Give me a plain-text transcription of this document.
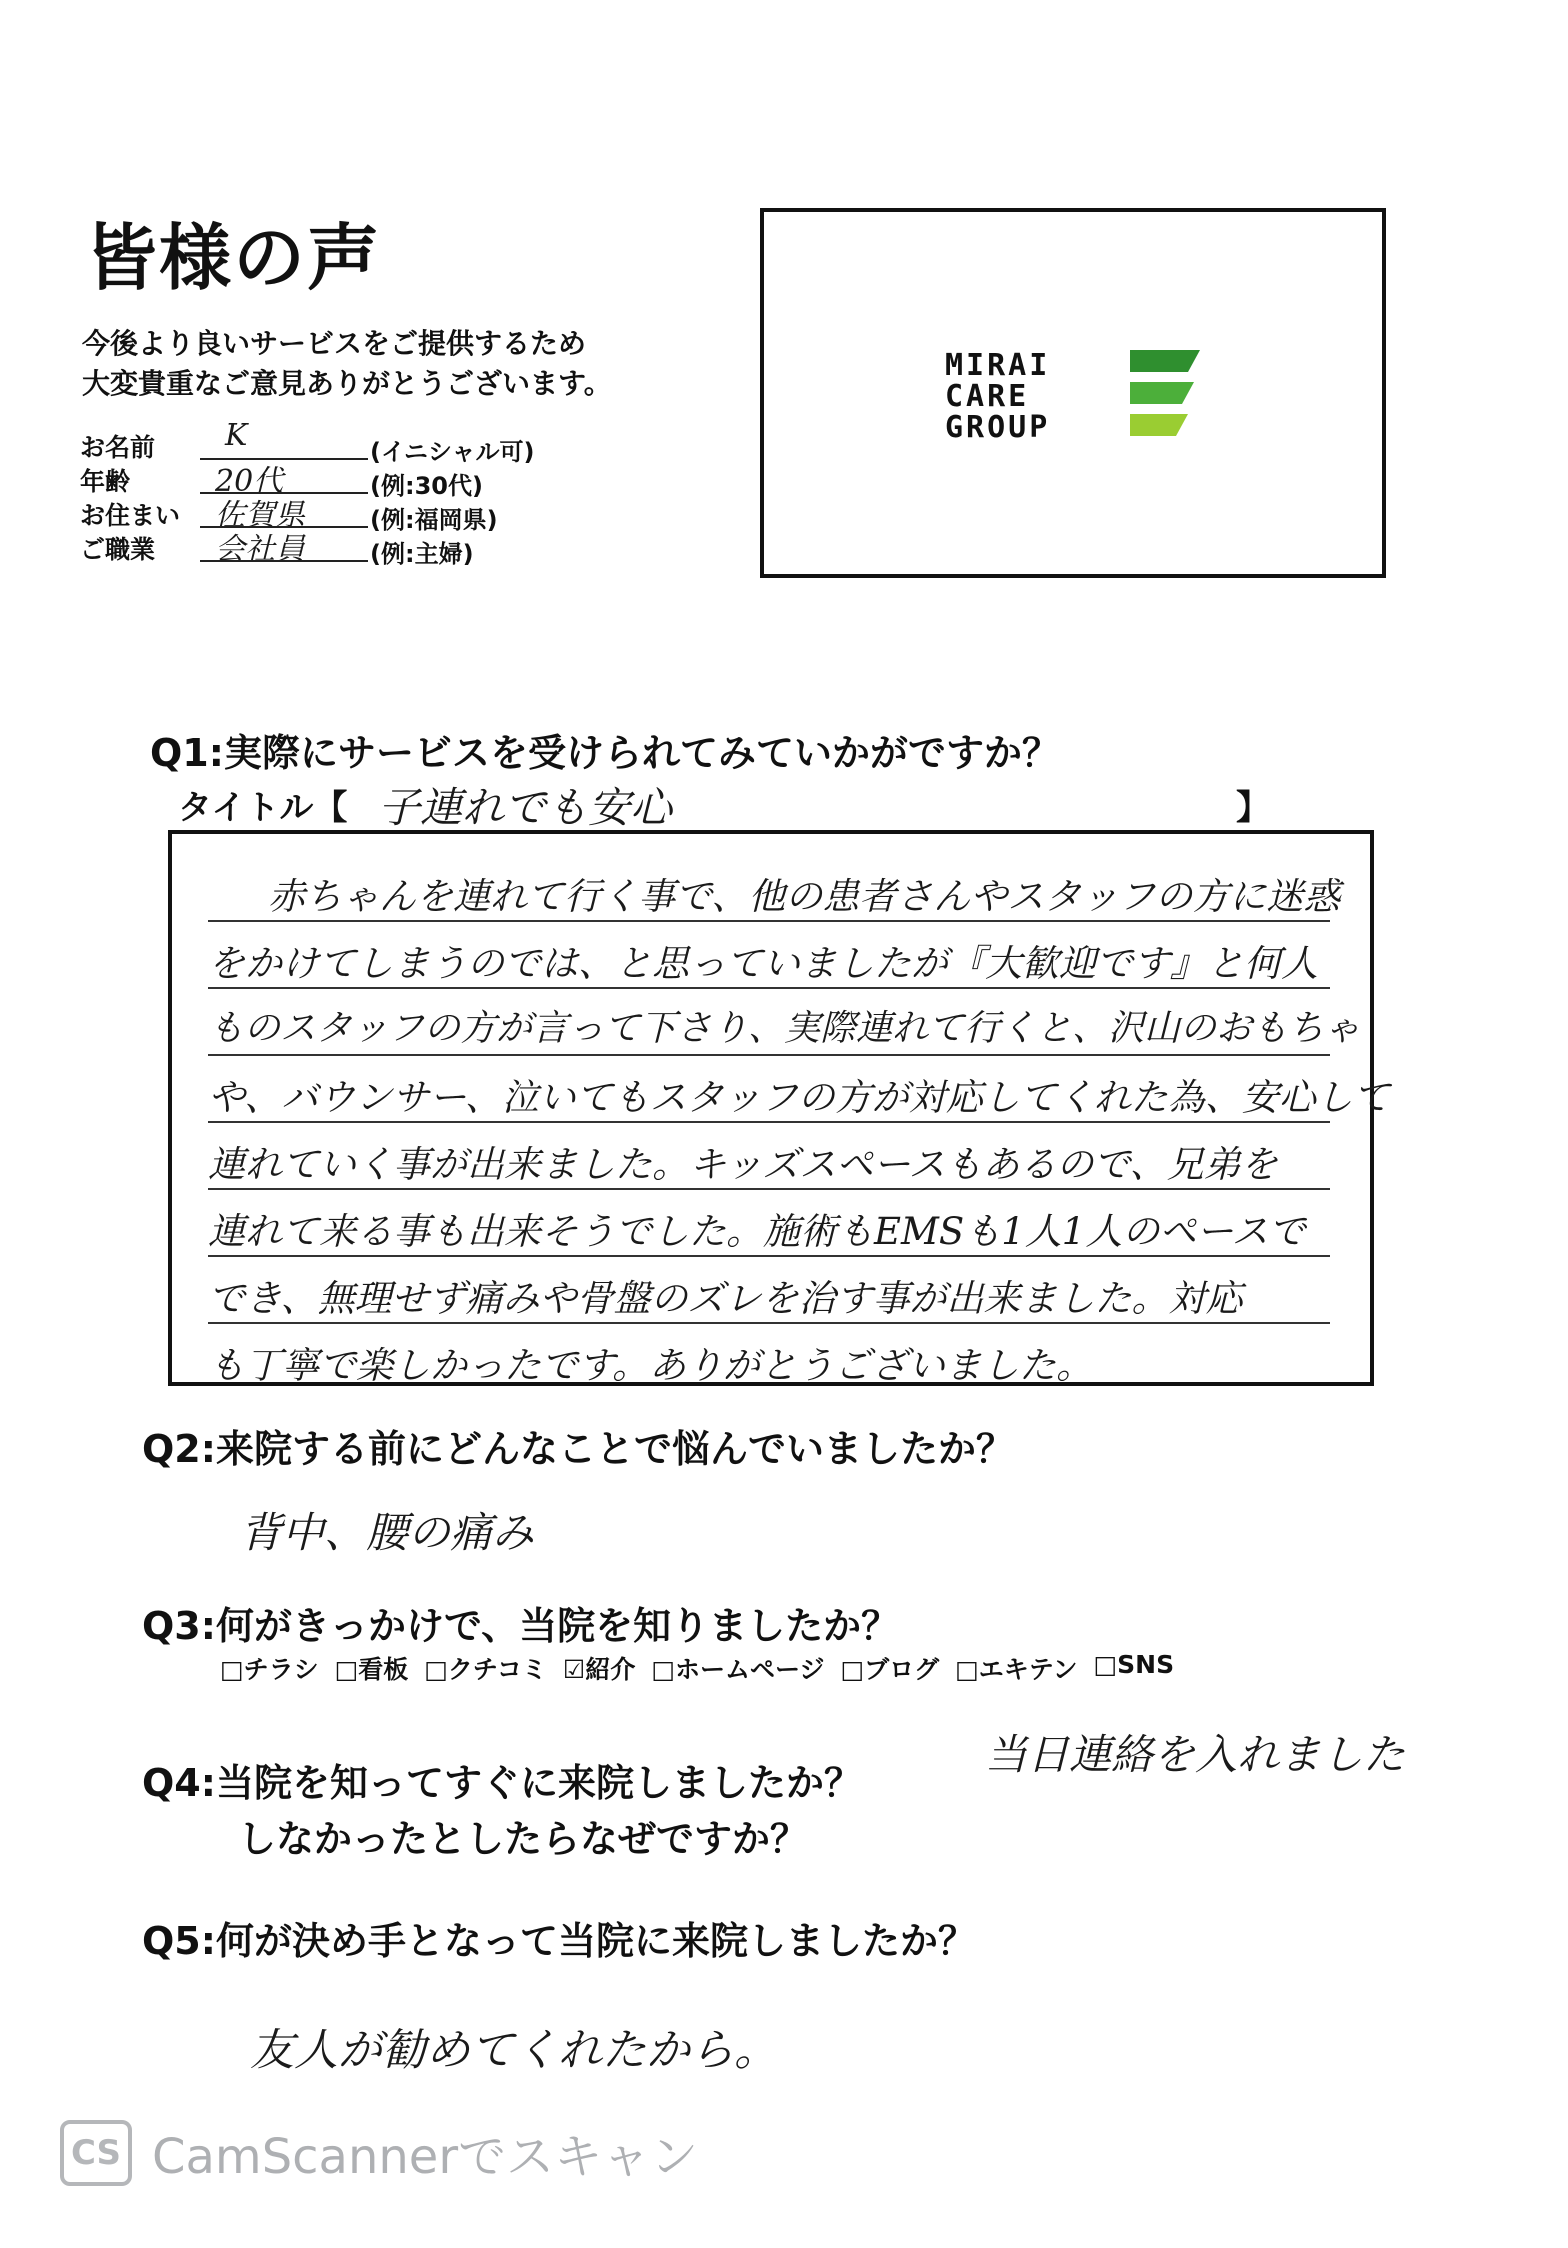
皆様の声
今後より良いサービスをご提供するため
大変貴重なご意見ありがとうございます。
お名前 K	(イニシャル可)
年齢	20代	(例:30代)
お住まい 佐賀県	(例:福岡県)
ご職業 会社員	(例:主婦)
MIRAI
CARE
GROUP
Q1:実際にサービスを受けられてみていかがですか？
タイトル【 子連れでも安心	】
赤ちゃんを連れて行く事で、他の患者さんやスタッフの方に迷惑
をかけてしまうのでは、と思っていましたが『大歓迎です』と何人
ものスタッフの方が言って下さり、実際連れて行くと、沢山のおもちゃ
や、バウンサー、泣いてもスタッフの方が対応してくれた為、安心して
連れていく事が出来ました。キッズスペースもあるので、兄弟を
連れて来る事も出来そうでした。施術もEMSも1人1人のペースで
でき、無理せず痛みや骨盤のズレを治す事が出来ました。対応
も丁寧で楽しかったです。ありがとうございました。
Q2:来院する前にどんなことで悩んでいましたか？
背中、腰の痛み
Q3:何がきっかけで、当院を知りましたか？
□チラシ □看板 □クチコミ ☑紹介 □ホームページ □ブログ □エキテン □SNS
Q4:当院を知ってすぐに来院しましたか？
しなかったとしたらなぜですか？
当日連絡を入れました
Q5:何が決め手となって当院に来院しましたか？
友人が勧めてくれたから。
CS CamScannerでスキャン
